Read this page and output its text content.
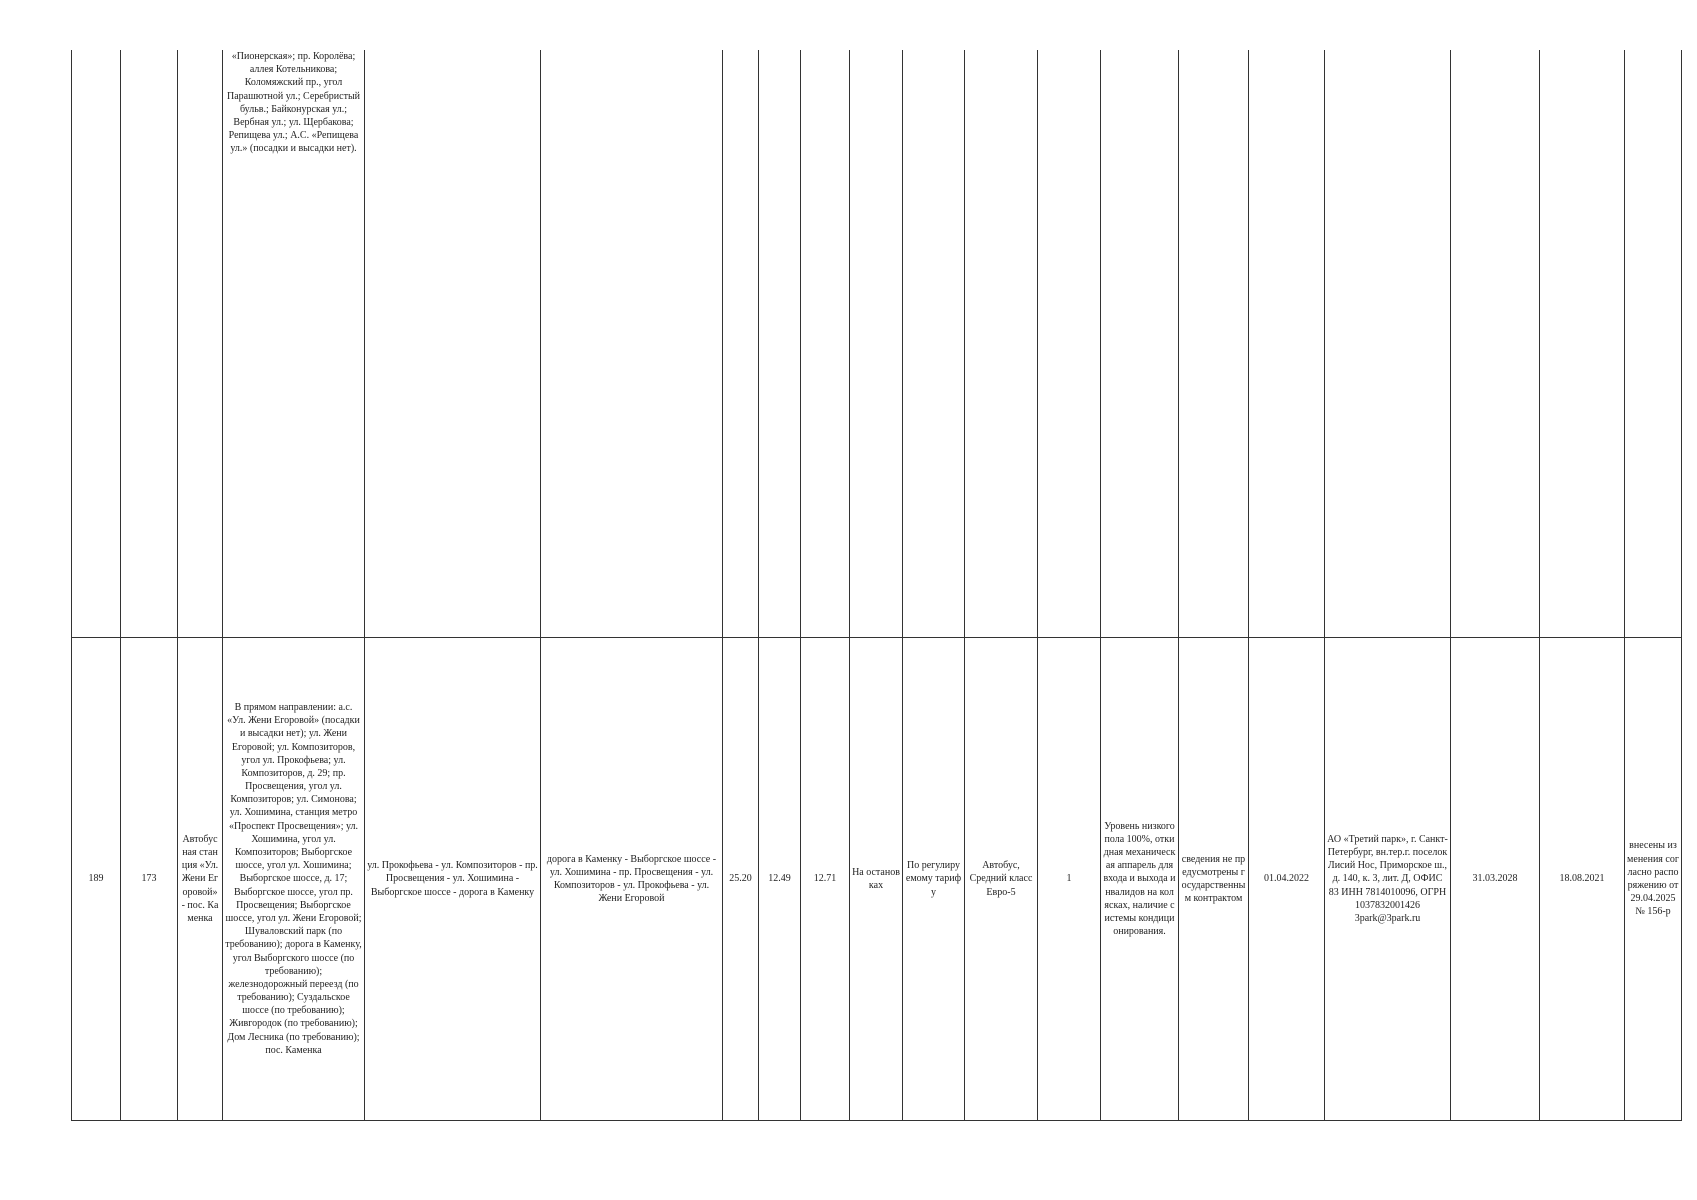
			«Пионерская»; пр. Королёва; аллея Котельникова; Коломяжский пр., угол Парашютной ул.; Серебристый бульв.; Байконурская ул.; Вербная ул.; ул. Щербакова; Репищева ул.; А.С. «Репищева ул.» (посадки и высадки нет).																
189	173	Автобусная станция «Ул. Жени Егоровой» - пос. Каменка	В прямом направлении: а.с. «Ул. Жени Егоровой» (посадки и высадки нет); ул. Жени Егоровой; ул. Композиторов, угол ул. Прокофьева; ул. Композиторов, д. 29; пр. Просвещения, угол ул. Композиторов; ул. Симонова; ул. Хошимина, станция метро «Проспект Просвещения»; ул. Хошимина, угол ул. Композиторов; Выборгское шоссе, угол ул. Хошимина; Выборгское шоссе, д. 17; Выборгское шоссе, угол пр. Просвещения; Выборгское шоссе, угол ул. Жени Егоровой; Шуваловский парк (по требованию); дорога в Каменку, угол Выборгского шоссе (по требованию); железнодорожный переезд (по требованию); Суздальское шоссе (по требованию); Живгородок (по требованию); Дом Лесника (по требованию); пос. Каменка	ул. Прокофьева - ул. Композиторов - пр. Просвещения - ул. Хошимина - Выборгское шоссе - дорога в Каменку	дорога в Каменку - Выборгское шоссе - ул. Хошимина - пр. Просвещения - ул. Композиторов - ул. Прокофьева - ул. Жени Егоровой	25.20	12.49	12.71	На остановках	По регулируемому тарифу	Автобус, Средний класс Евро-5	1	Уровень низкого пола 100%, откидная механическая аппарель для входа и выхода инвалидов на колясках, наличие системы кондиционирования.	сведения не предусмотрены государственным контрактом	01.04.2022	АО «Третий парк», г. Санкт-Петербург, вн.тер.г. поселок Лисий Нос, Приморское ш., д. 140, к. 3, лит. Д, ОФИС 83 ИНН 7814010096, ОГРН 1037832001426 3park@3park.ru	31.03.2028	18.08.2021	внесены изменения согласно распоряжению от 29.04.2025 № 156-р
